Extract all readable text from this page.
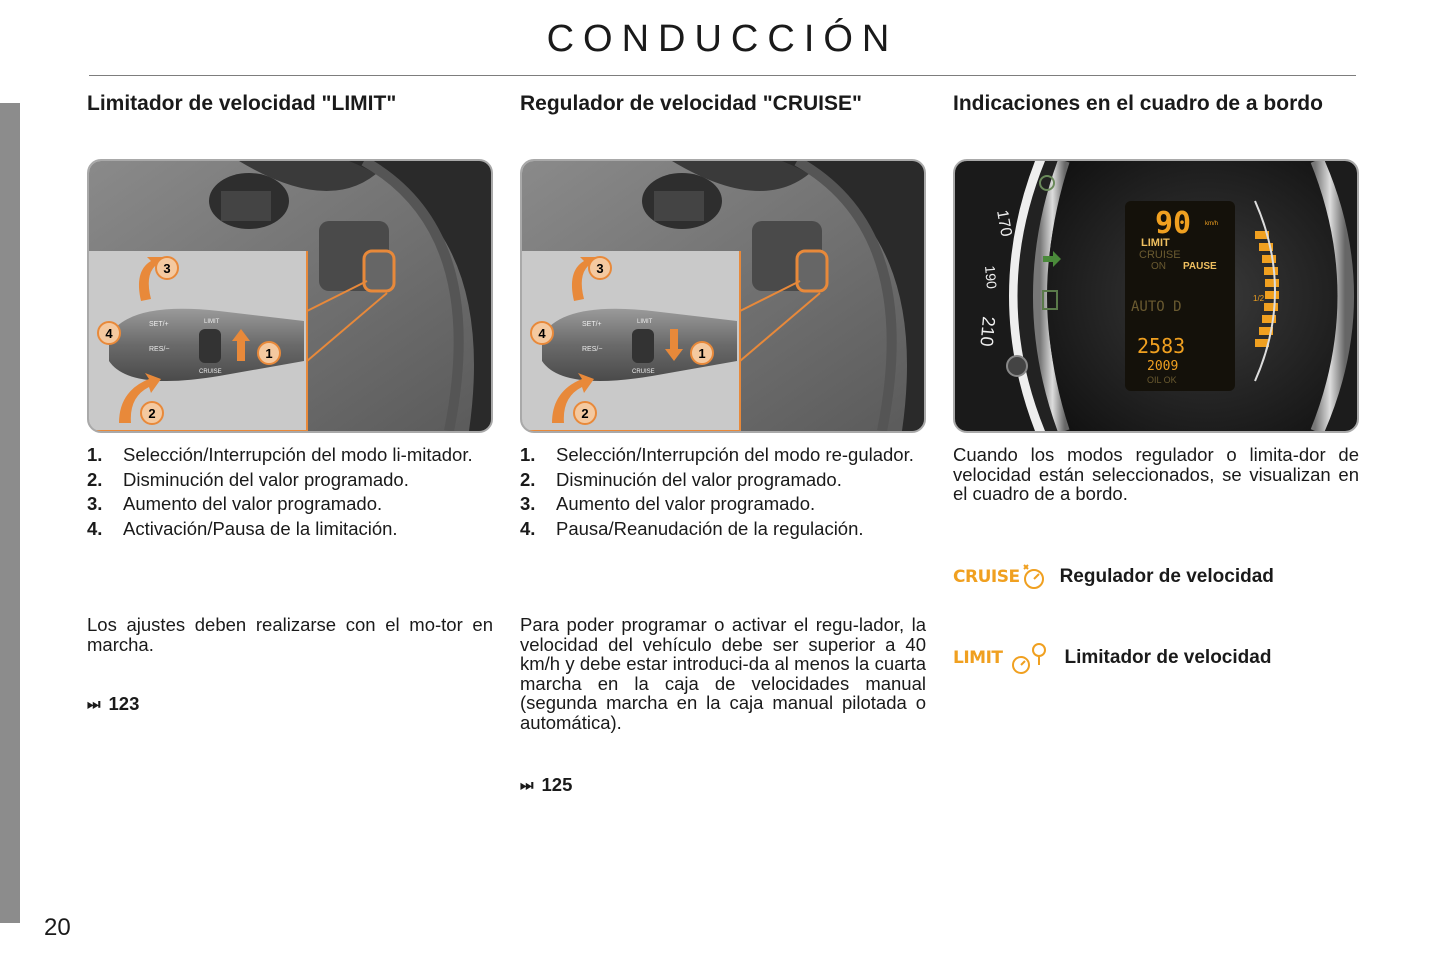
CONDUCCIÓN
Limitador de velocidad "LIMIT"
SET/+
RES/−
LIMIT
CRUISE
1
2
3
4
1.	Selección/Interrupción del modo li-mitador.
2.	Disminución del valor programado.
3.	Aumento del valor programado.
4.	Activación/Pausa de la limitación.

Los ajustes deben realizarse con el mo-tor en marcha.

⏭ 123
Regulador de velocidad "CRUISE"
SET/+
RES/−
LIMIT
CRUISE
1
2
3
4
1.	Selección/Interrupción del modo re-gulador.
2.	Disminución del valor programado.
3.	Aumento del valor programado.
4.	Pausa/Reanudación de la regulación.

Para poder programar o activar el regu-lador, la velocidad del vehículo debe ser superior a 40 km/h y debe estar introduci-da al menos la cuarta marcha en la caja de velocidades manual (segunda marcha en la caja manual pilotada o automática).

⏭ 125
Indicaciones en el cuadro de a bordo
170
190
210
90 km/h
LIMIT
CRUISE
ON PAUSE
AUTO D
2583
2009
OIL OK
1/2

Cuando los modos regulador o limita-dor de velocidad están seleccionados, se visualizan en el cuadro de a bordo.

CRUISE Regulador de velocidad
LIMIT	Limitador de velocidad
20
